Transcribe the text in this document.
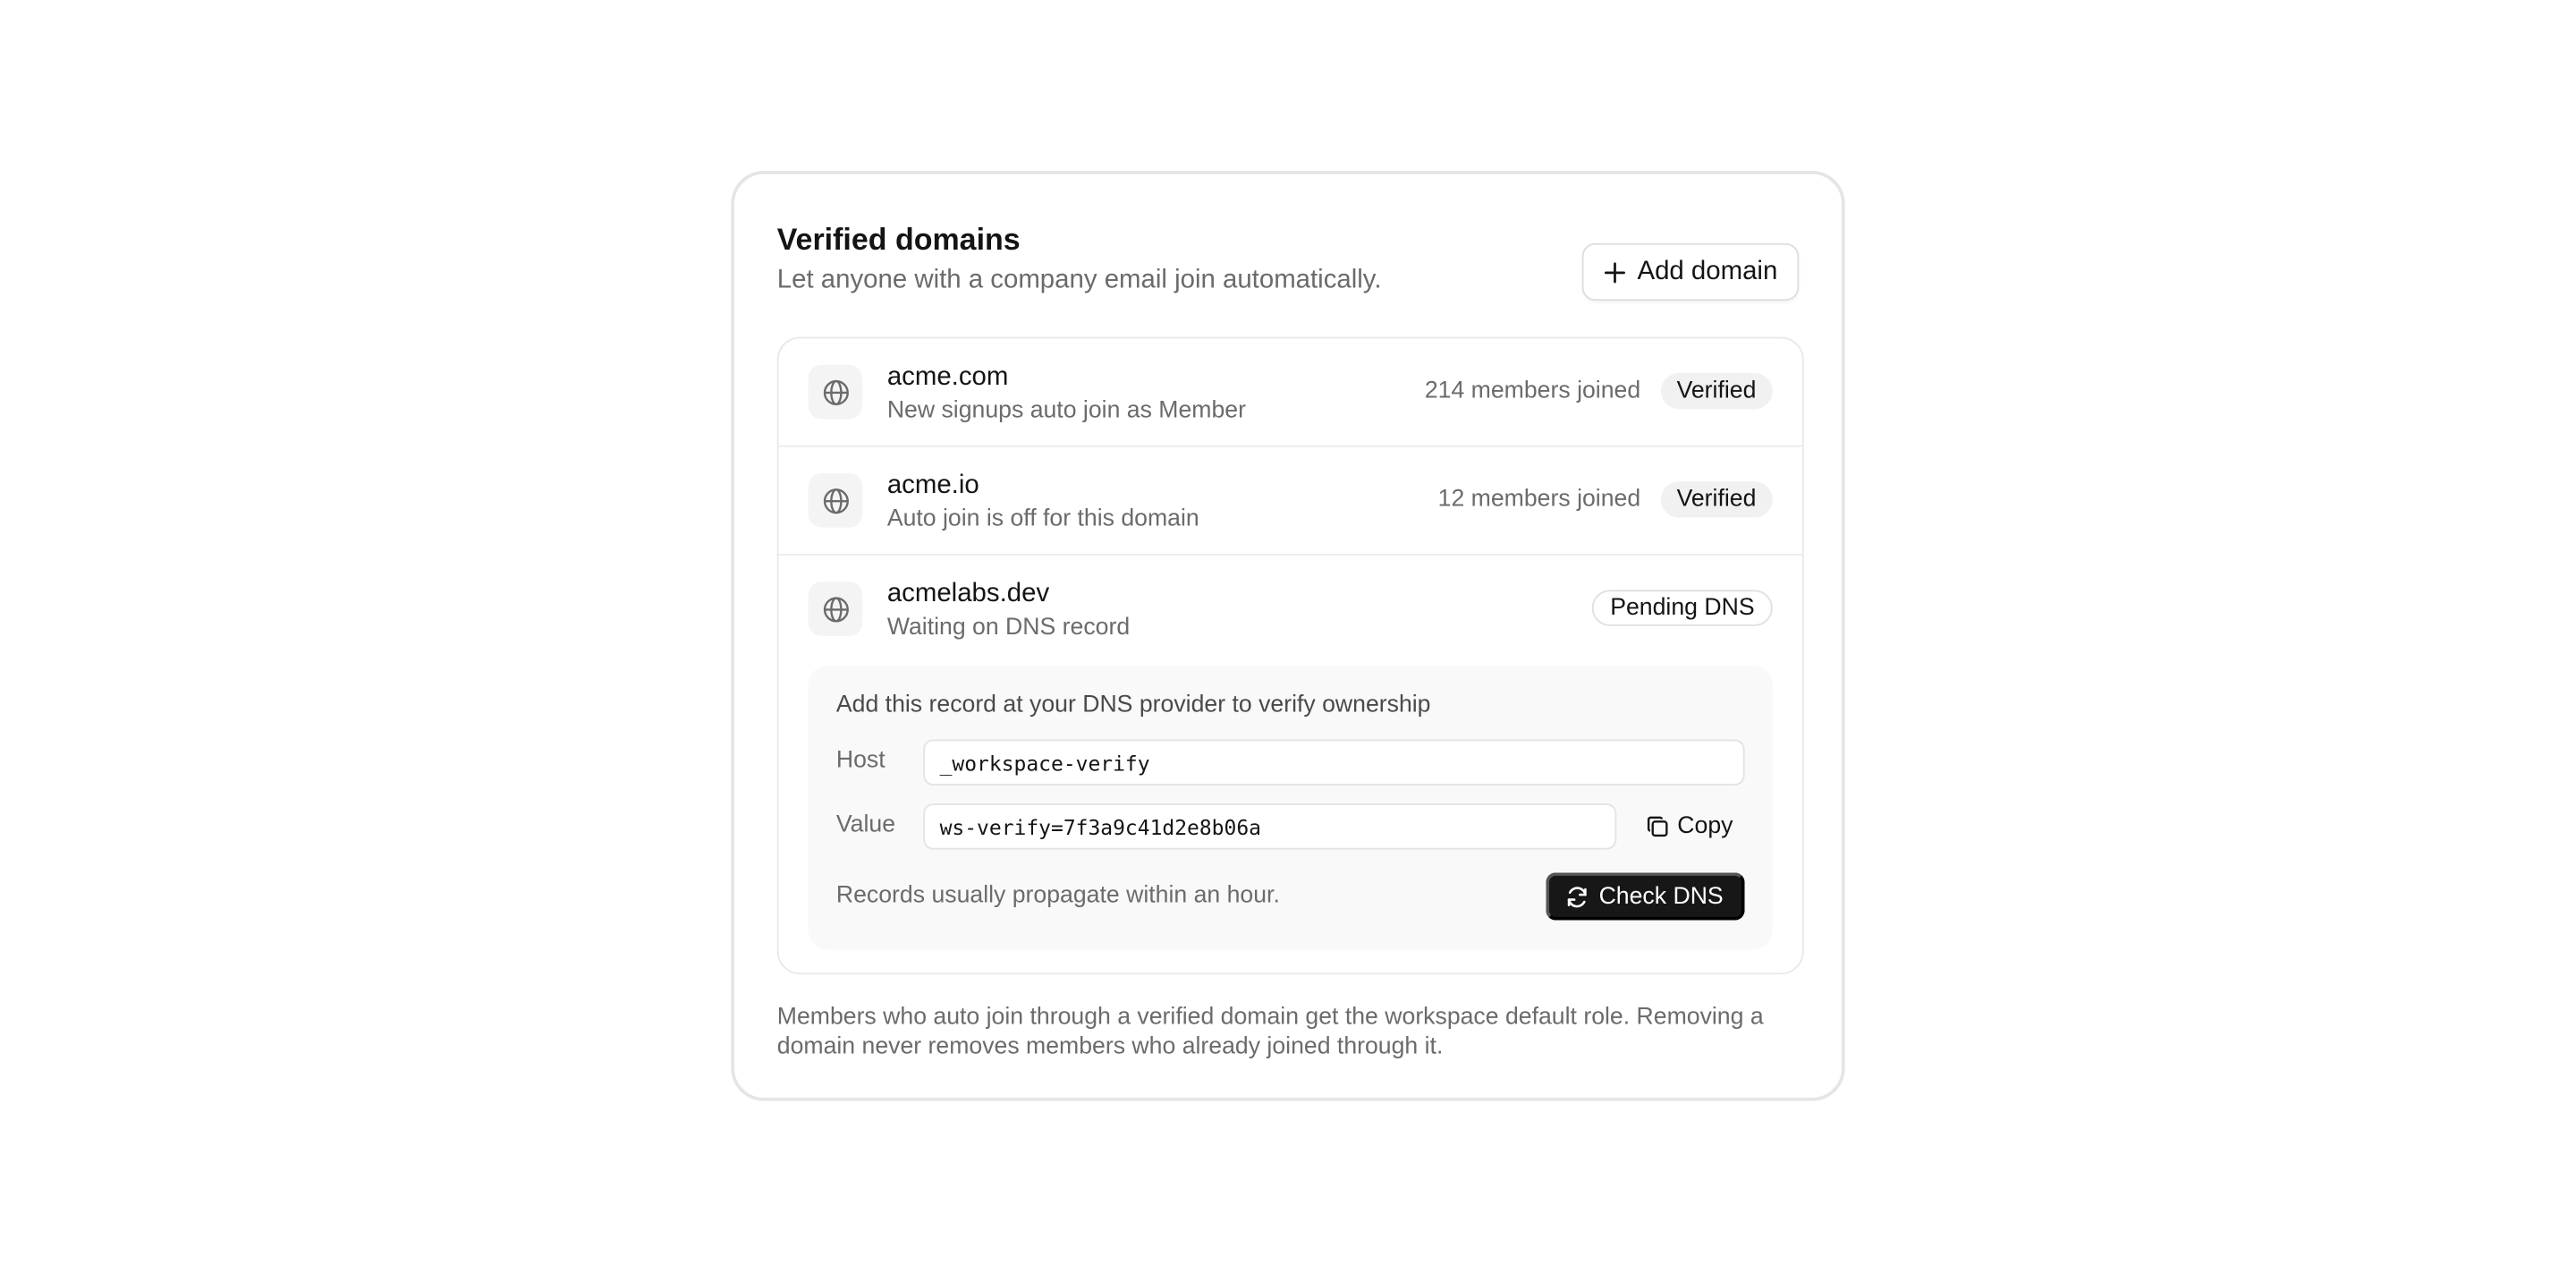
Verified domains
Let anyone with a company email join automatically.	Add domain
acme.com
New signups auto join as Member
214 members joined	Verified
acme.io
Auto join is off for this domain
12 members joined	Verified
acmelabs.dev
Waiting on DNS record
Pending DNS
Add this record at your DNS provider to verify ownership
Host	_workspace-verify
Value	ws-verify=7f3a9c41d2e8b06a	Copy
Records usually propagate within an hour.	Check DNS
Members who auto join through a verified domain get the workspace default role. Removing a domain never removes members who already joined through it.
